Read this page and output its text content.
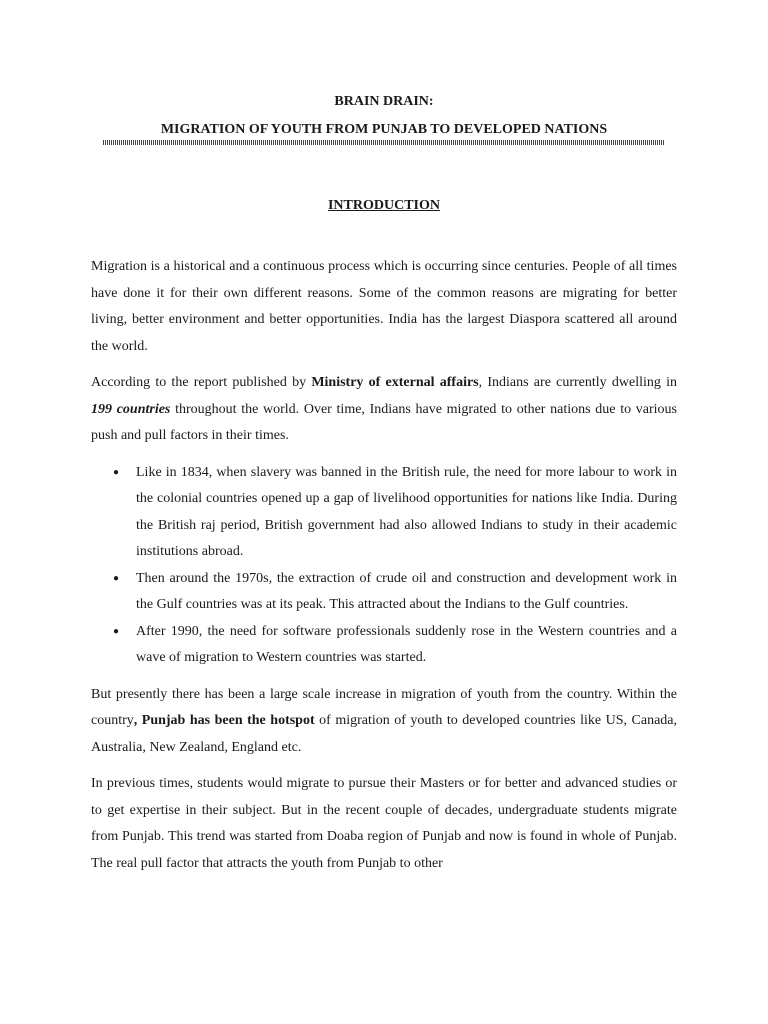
BRAIN DRAIN:
MIGRATION OF YOUTH FROM PUNJAB TO DEVELOPED NATIONS
INTRODUCTION

Migration is a historical and a continuous process which is occurring since centuries. People of all times have done it for their own different reasons. Some of the common reasons are migrating for better living, better environment and better opportunities. India has the largest Diaspora scattered all around the world.

According to the report published by Ministry of external affairs, Indians are currently dwelling in 199 countries throughout the world. Over time, Indians have migrated to other nations due to various push and pull factors in their times.

● Like in 1834, when slavery was banned in the British rule, the need for more labour to work in the colonial countries opened up a gap of livelihood opportunities for nations like India. During the British raj period, British government had also allowed Indians to study in their academic institutions abroad.
● Then around the 1970s, the extraction of crude oil and construction and development work in the Gulf countries was at its peak. This attracted about the Indians to the Gulf countries.
● After 1990, the need for software professionals suddenly rose in the Western countries and a wave of migration to Western countries was started.

But presently there has been a large scale increase in migration of youth from the country. Within the country, Punjab has been the hotspot of migration of youth to developed countries like US, Canada, Australia, New Zealand, England etc.

In previous times, students would migrate to pursue their Masters or for better and advanced studies or to get expertise in their subject. But in the recent couple of decades, undergraduate students migrate from Punjab. This trend was started from Doaba region of Punjab and now is found in whole of Punjab. The real pull factor that attracts the youth from Punjab to other
